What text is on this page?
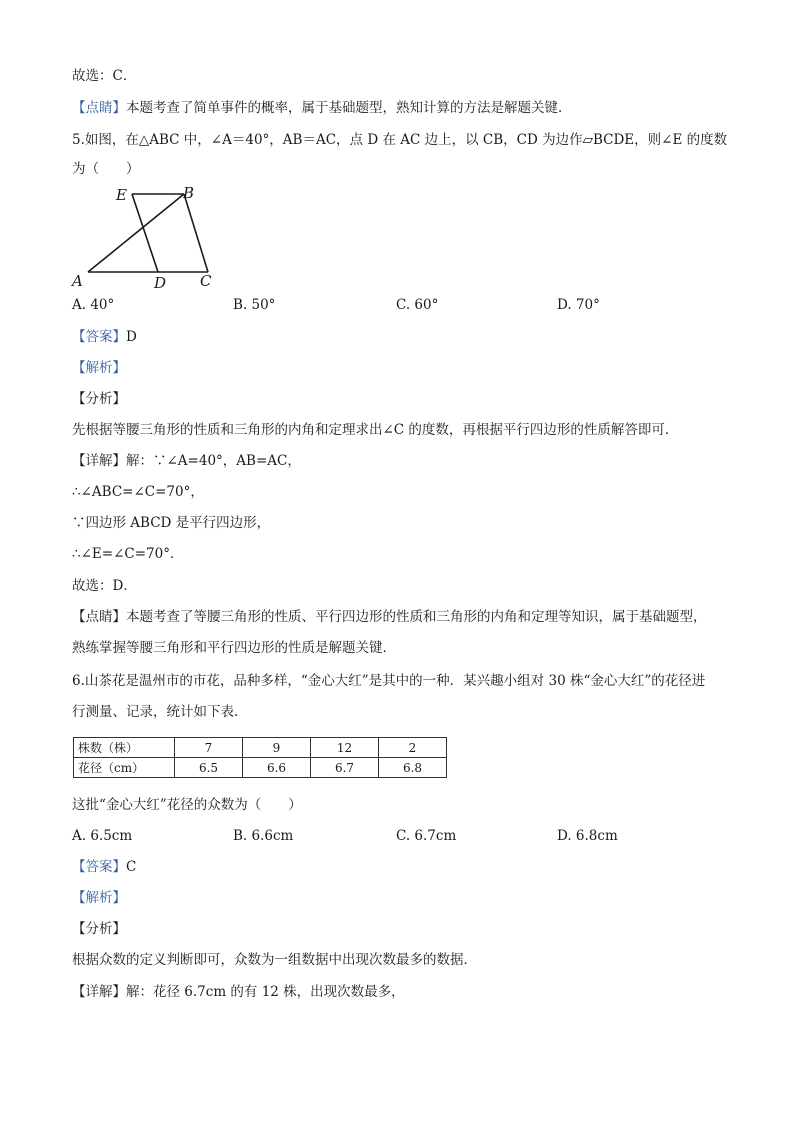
故选：C．
【点睛】本题考查了简单事件的概率，属于基础题型，熟知计算的方法是解题关键．
5.如图，在△ABC 中，∠A＝40°，AB＝AC，点 D 在 AC 边上，以 CB，CD 为边作▱BCDE，则∠E 的度数
为（　　）
E	B
A	D C
A. 40°	B. 50°	C. 60°	D. 70°
【答案】D
【解析】
【分析】
先根据等腰三角形的性质和三角形的内角和定理求出∠C 的度数，再根据平行四边形的性质解答即可．
【详解】解：∵∠A=40°，AB=AC，
∴∠ABC=∠C=70°，
∵四边形 ABCD 是平行四边形，
∴∠E=∠C=70°．
故选：D．
【点睛】本题考查了等腰三角形的性质、平行四边形的性质和三角形的内角和定理等知识，属于基础题型，
熟练掌握等腰三角形和平行四边形的性质是解题关键．
6.山茶花是温州市的市花，品种多样，“金心大红”是其中的一种．某兴趣小组对 30 株“金心大红”的花径进
行测量、记录，统计如下表．
株数（株）	7	9	12	2
花径（cm）	6.5	6.6	6.7	6.8
这批“金心大红”花径的众数为（　　）
A. 6.5cm	B. 6.6cm	C. 6.7cm	D. 6.8cm
【答案】C
【解析】
【分析】
根据众数的定义判断即可，众数为一组数据中出现次数最多的数据．
【详解】解：花径 6.7cm 的有 12 株，出现次数最多，
